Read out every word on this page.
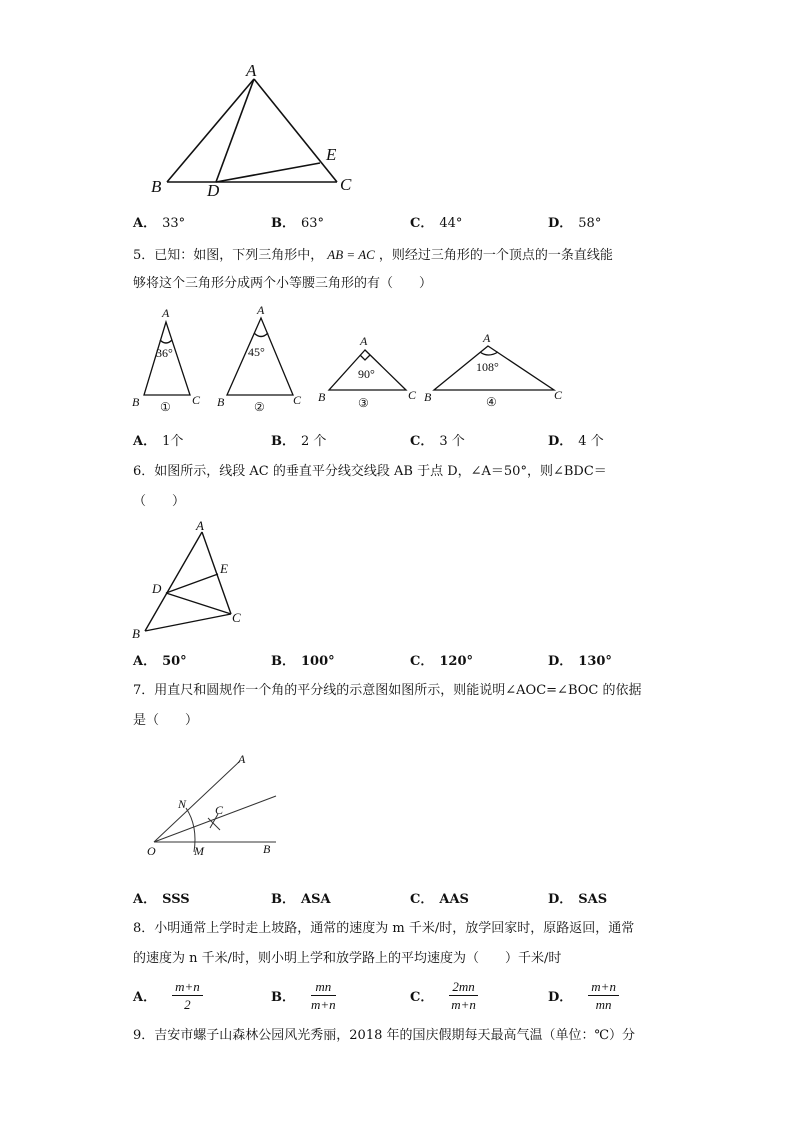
A
B	D
E
C
A． 33°	B． 63°	C． 44°	D． 58°
5．已知：如图，下列三角形中， AB = AC ，则经过三角形的一个顶点的一条直线能
够将这个三角形分成两个小等腰三角形的有（　　）
A
36°
B	C
①
A
45°
B	C
②
A
90°
B	C
③
A
108°
B	C
④
A． 1个	B． 2 个	C． 3 个	D． 4 个
6．如图所示，线段 AC 的垂直平分线交线段 AB 于点 D，∠A＝50°，则∠BDC＝
（　　）
A
E
D
C
B
A． 50°	B． 100°	C． 120°	D． 130°
7．用直尺和圆规作一个角的平分线的示意图如图所示，则能说明∠AOC=∠BOC 的依据
是（　　）
A
N C
O	M	B
A． SSS	B． ASA	C． AAS	D． SAS
8．小明通常上学时走上坡路，通常的速度为 m 千米/时，放学回家时，原路返回，通常
的速度为 n 千米/时，则小明上学和放学路上的平均速度为（　　）千米/时
A． $\frac{m+n}{2}$	B． $\frac{mn}{m+n}$	C． $\frac{2mn}{m+n}$	D． $\frac{m+n}{mn}$
9．吉安市螺子山森林公园风光秀丽，2018 年的国庆假期每天最高气温（单位：℃）分
